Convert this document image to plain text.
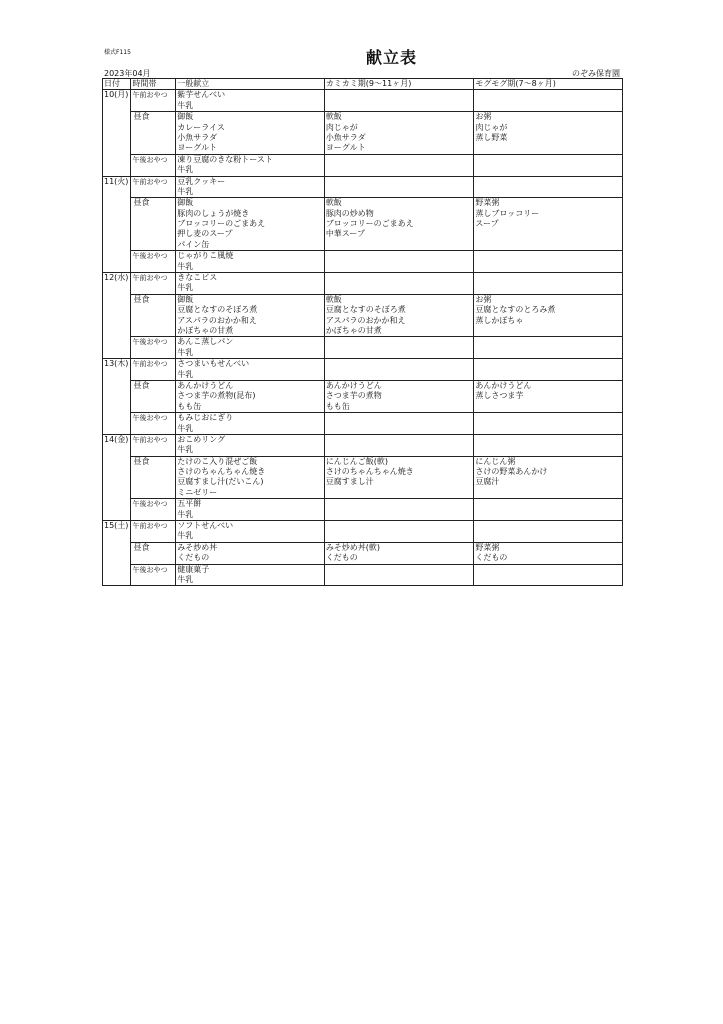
様式F115	献立表
2023年04月	のぞみ保育園
日付	時間帯	一般献立	カミカミ期(9〜11ヶ月)	モグモグ期(7〜8ヶ月)
10(月)	午前おやつ	紫芋せんべい
牛乳		

	昼食	御飯
カレーライス
小魚サラダ
ヨーグルト	軟飯
肉じゃが
小魚サラダ
ヨーグルト	お粥
肉じゃが
蒸し野菜

	午後おやつ	凍り豆腐のきな粉トースト
牛乳		

11(火)	午前おやつ	豆乳クッキー
牛乳		

	昼食	御飯
豚肉のしょうが焼き
ブロッコリーのごまあえ
押し麦のスープ
パイン缶	軟飯
豚肉の炒め物
ブロッコリーのごまあえ
中華スープ	野菜粥
蒸しブロッコリー
スープ

	午後おやつ	じゃがりこ風焼
牛乳		

12(水)	午前おやつ	きなこビス
牛乳		

	昼食	御飯
豆腐となすのそぼろ煮
アスパラのおかか和え
かぼちゃの甘煮	軟飯
豆腐となすのそぼろ煮
アスパラのおかか和え
かぼちゃの甘煮	お粥
豆腐となすのとろみ煮
蒸しかぼちゃ

	午後おやつ	あんこ蒸しパン
牛乳		

13(木)	午前おやつ	さつまいもせんべい
牛乳		

	昼食	あんかけうどん
さつま芋の煮物(昆布)
もも缶	あんかけうどん
さつま芋の煮物
もも缶	あんかけうどん
蒸しさつま芋

	午後おやつ	もみじおにぎり
牛乳		

14(金)	午前おやつ	おこめリング
牛乳		

	昼食	たけのこ入り混ぜご飯
さけのちゃんちゃん焼き
豆腐すまし汁(だいこん)
ミニゼリー	にんじんご飯(軟)
さけのちゃんちゃん焼き
豆腐すまし汁	にんじん粥
さけの野菜あんかけ
豆腐汁

	午後おやつ	五平餅
牛乳		

15(土)	午前おやつ	ソフトせんべい
牛乳		

	昼食	みそ炒め丼
くだもの	みそ炒め丼(軟)
くだもの	野菜粥
くだもの

	午後おやつ	健康菓子
牛乳		
